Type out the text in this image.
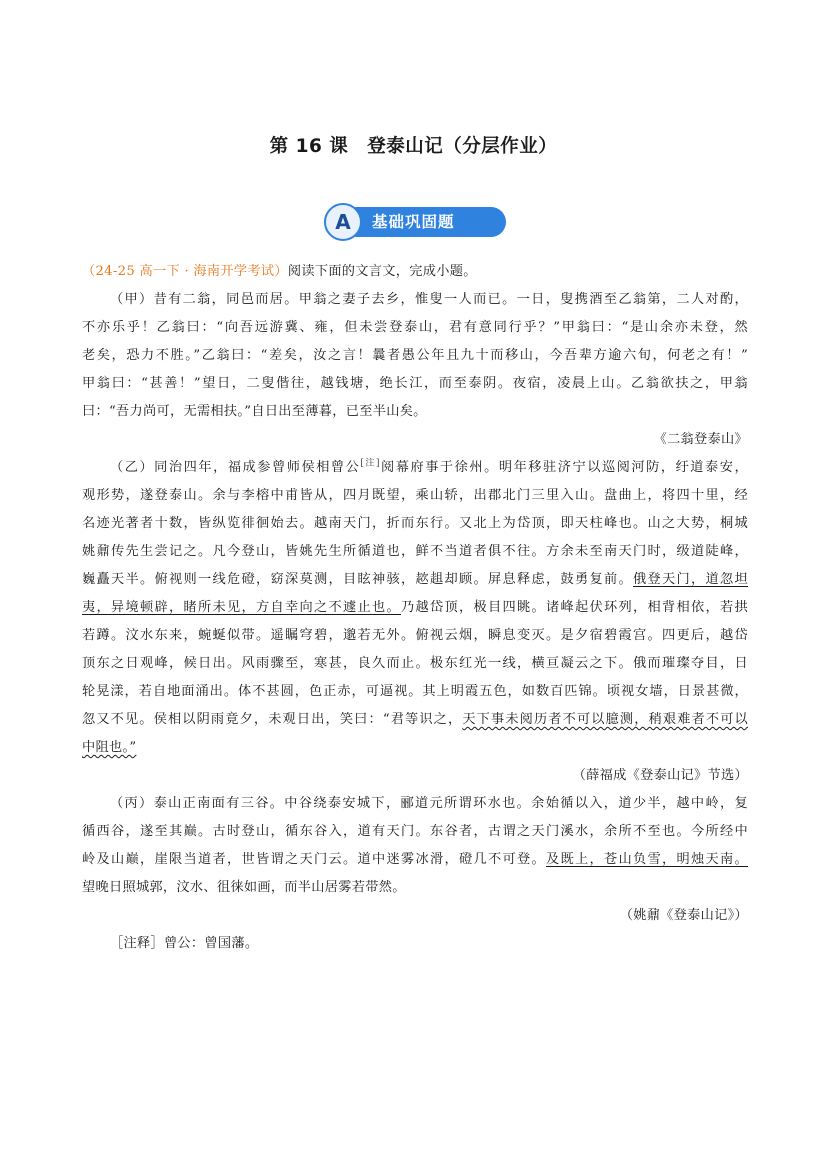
第 16 课　登泰山记（分层作业）
A	基础巩固题
（24-25 高一下 · 海南开学考试）阅读下面的文言文，完成小题。
（甲）昔有二翁，同邑而居。甲翁之妻子去乡，惟叟一人而已。一日，叟携酒至乙翁第，二人对酌，
不亦乐乎！乙翁曰：“向吾远游冀、雍，但未尝登泰山，君有意同行乎？”甲翁曰：“是山余亦未登，然
老矣，恐力不胜。”乙翁曰：“差矣，汝之言！曩者愚公年且九十而移山，今吾辈方逾六旬，何老之有！”
甲翁曰：“甚善！”望日，二叟偕往，越钱塘，绝长江，而至泰阴。夜宿，凌晨上山。乙翁欲扶之，甲翁
曰：“吾力尚可，无需相扶。”自日出至薄暮，已至半山矣。
《二翁登泰山》
（乙）同治四年，福成参曾师侯相曾公[注]阅幕府事于徐州。明年移驻济宁以巡阅河防，纡道泰安，
观形势，遂登泰山。余与李榕中甫皆从，四月既望，乘山轿，出郡北门三里入山。盘曲上，将四十里，经
名迹光著者十数，皆纵览徘徊始去。越南天门，折而东行。又北上为岱顶，即天柱峰也。山之大势，桐城
姚鼐传先生尝记之。凡今登山，皆姚先生所循道也，鲜不当道者俱不往。方余未至南天门时，级道陡峰，
巍矗天半。俯视则一线危磴，窈深莫测，目眩神骇，趑趄却顾。屏息释虑，鼓勇复前。俄登天门，道忽坦
夷，异境顿辟，睹所未见，方自幸向之不遽止也。乃越岱顶，极目四眺。诸峰起伏环列，相背相依，若拱
若蹲。汶水东来，蜿蜒似带。遥瞩穹碧，邈若无外。俯视云烟，瞬息变灭。是夕宿碧霞宫。四更后，越岱
顶东之日观峰，候日出。风雨骤至，寒甚，良久而止。极东红光一线，横亘凝云之下。俄而璀璨夺目，日
轮晃漾，若自地面涌出。体不甚圆，色正赤，可逼视。其上明霞五色，如数百匹锦。顷视女墙，日景甚微，
忽又不见。侯相以阴雨竟夕，未观日出，笑曰：“君等识之，天下事未阅历者不可以臆测，稍艰难者不可以
中阻也。”
（薛福成《登泰山记》节选）
（丙）泰山正南面有三谷。中谷绕泰安城下，郦道元所谓环水也。余始循以入，道少半，越中岭，复
循西谷，遂至其巅。古时登山，循东谷入，道有天门。东谷者，古谓之天门溪水，余所不至也。今所经中
岭及山巅，崖限当道者，世皆谓之天门云。道中迷雾冰滑，磴几不可登。及既上，苍山负雪，明烛天南。
望晚日照城郭，汶水、徂徕如画，而半山居雾若带然。
（姚鼐《登泰山记》）
［注释］曾公：曾国藩。
